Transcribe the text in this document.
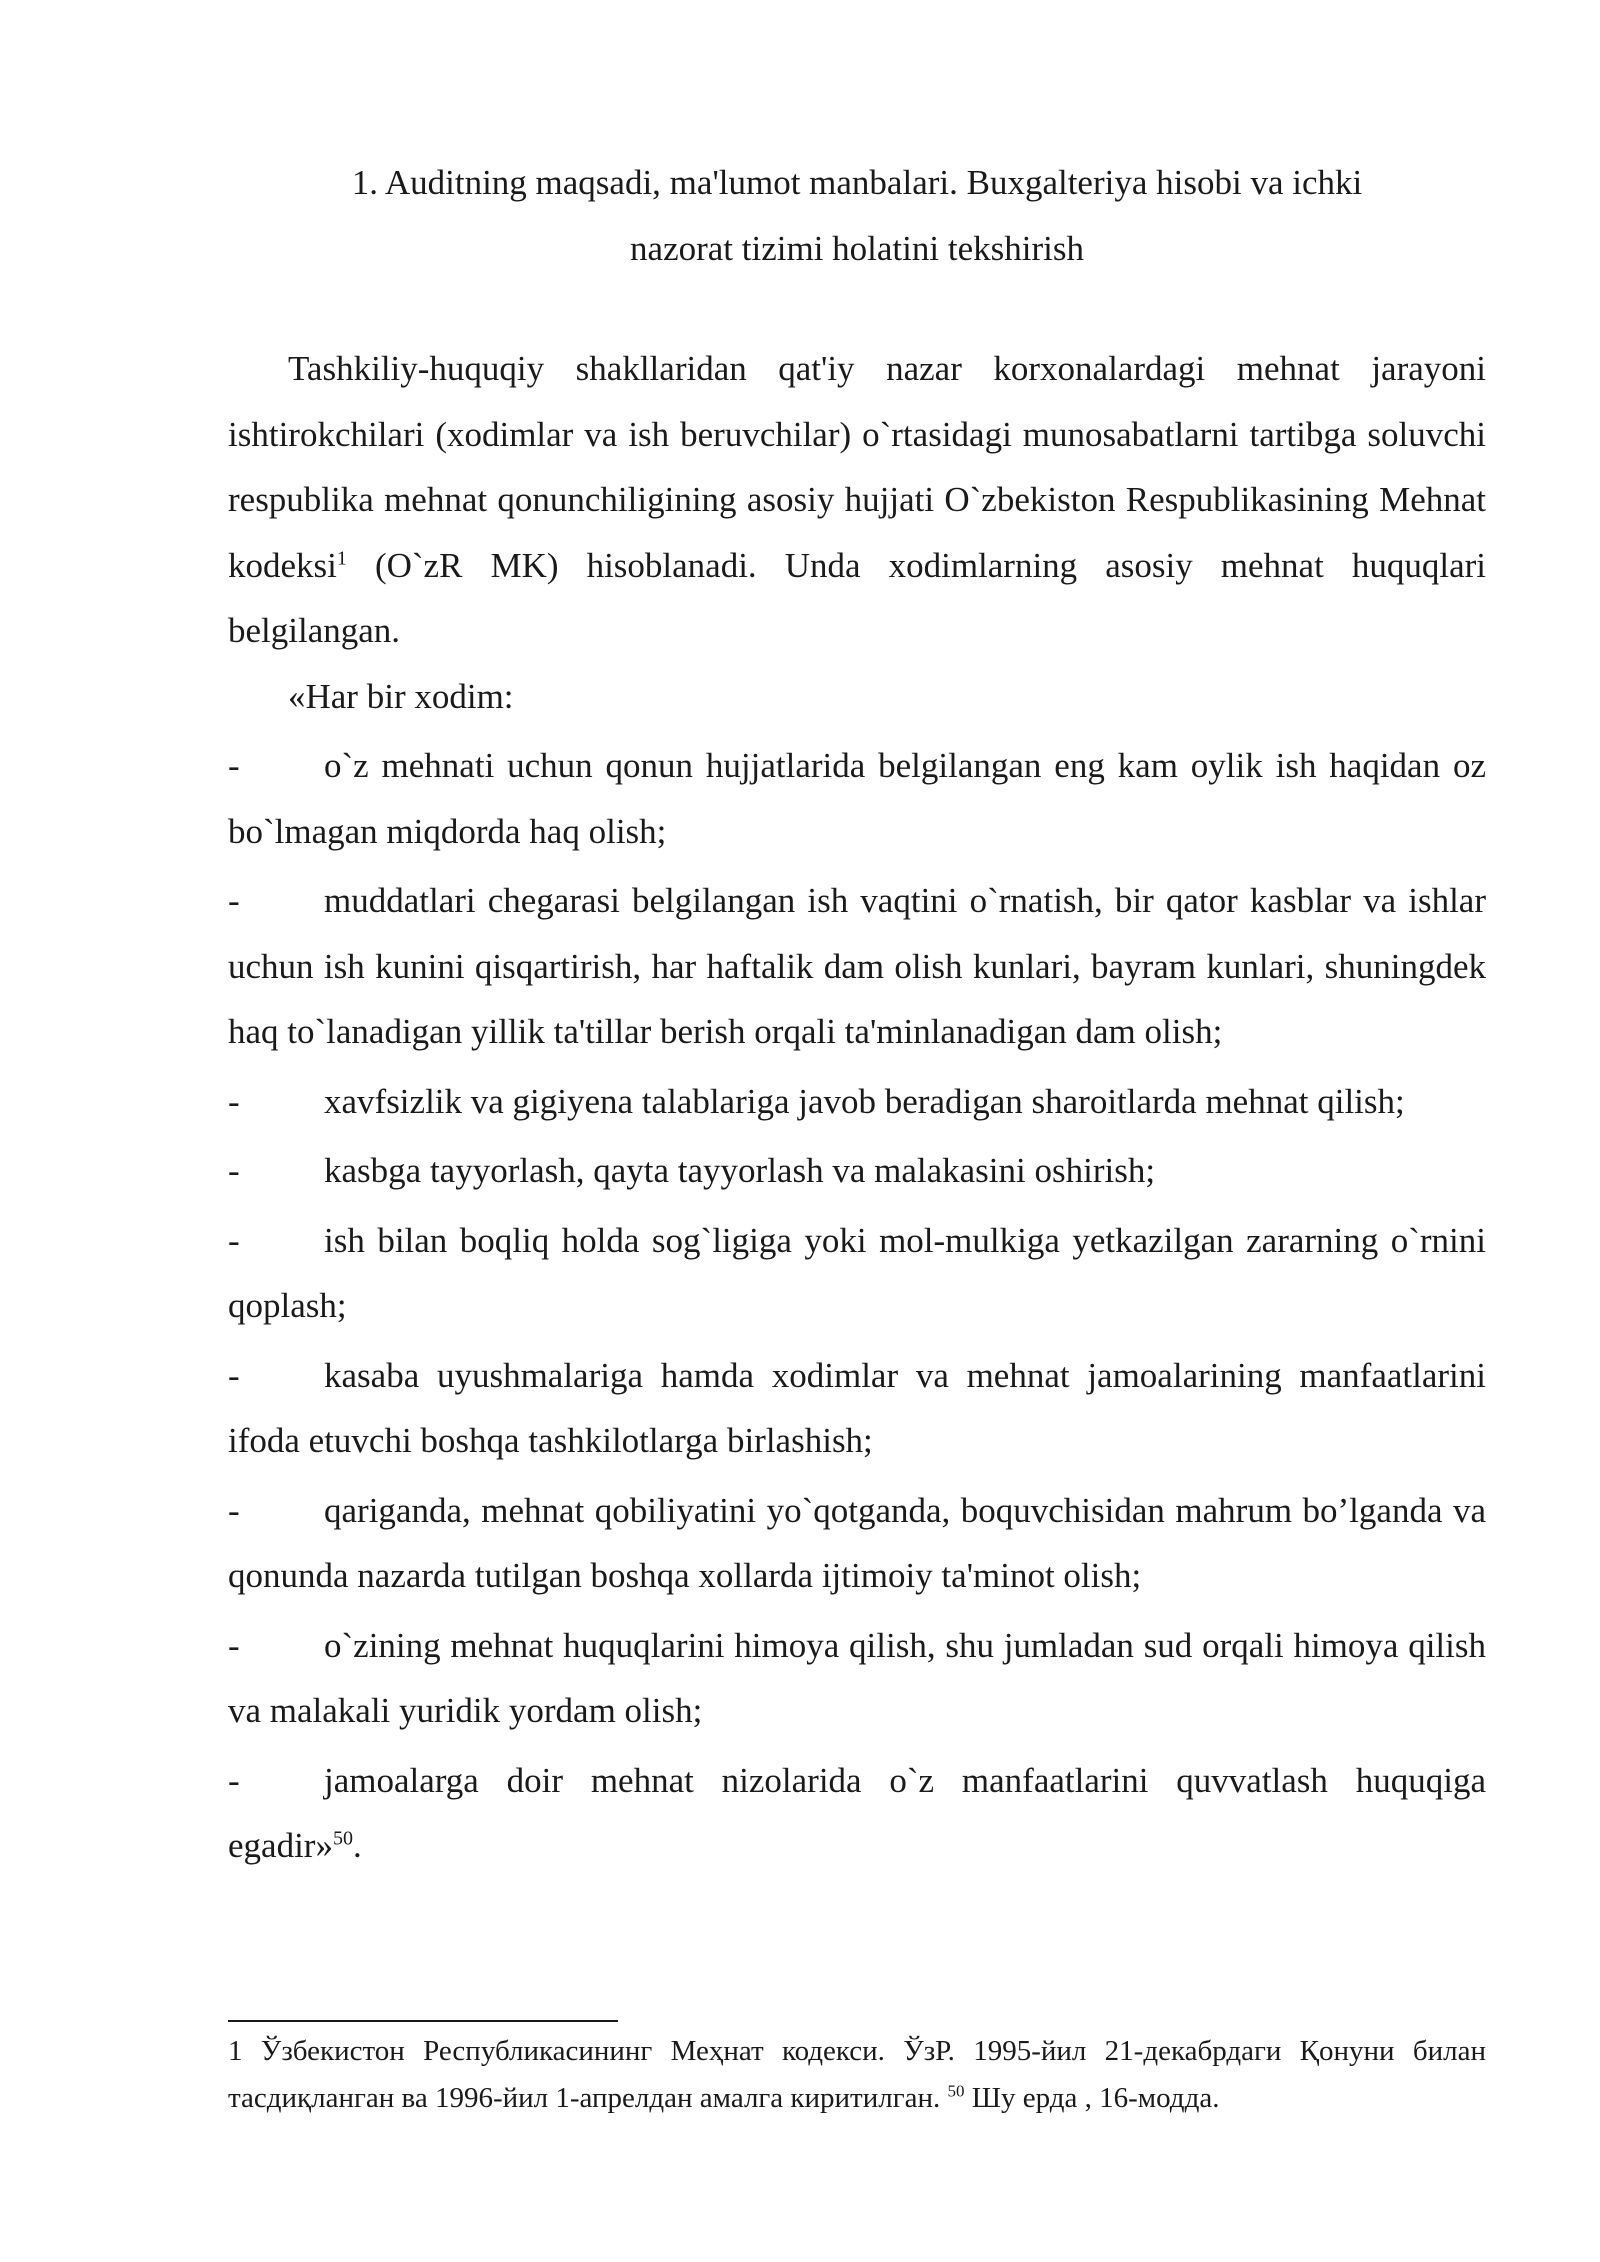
1. Auditning maqsadi, ma'lumot manbalari. Buxgalteriya hisobi va ichki
nazorat tizimi holatini tekshirish

Tashkiliy-huquqiy shakllaridan qat'iy nazar korxonalardagi mehnat jarayoni ishtirokchilari (xodimlar va ish beruvchilar) o`rtasidagi munosabatlarni tartibga soluvchi respublika mehnat qonunchiligining asosiy hujjati O`zbekiston Respublikasining Mehnat kodeksi$^1$ (O`zR MK) hisoblanadi. Unda xodimlarning asosiy mehnat huquqlari belgilangan.

«Har bir xodim:

- o`z mehnati uchun qonun hujjatlarida belgilangan eng kam oylik ish haqidan oz bo`lmagan miqdorda haq olish;

- muddatlari chegarasi belgilangan ish vaqtini o`rnatish, bir qator kasblar va ishlar uchun ish kunini qisqartirish, har haftalik dam olish kunlari, bayram kunlari, shuningdek haq to`lanadigan yillik ta'tillar berish orqali ta'minlanadigan dam olish;

- xavfsizlik va gigiyena talablariga javob beradigan sharoitlarda mehnat qilish;

- kasbga tayyorlash, qayta tayyorlash va malakasini oshirish;

- ish bilan boqliq holda sog`ligiga yoki mol-mulkiga yetkazilgan zararning o`rnini qoplash;

- kasaba uyushmalariga hamda xodimlar va mehnat jamoalarining manfaatlarini ifoda etuvchi boshqa tashkilotlarga birlashish;

- qariganda, mehnat qobiliyatini yo`qotganda, boquvchisidan mahrum bo’lganda va qonunda nazarda tutilgan boshqa xollarda ijtimoiy ta'minot olish;

- o`zining mehnat huquqlarini himoya qilish, shu jumladan sud orqali himoya qilish va malakali yuridik yordam olish;

- jamoalarga doir mehnat nizolarida o`z manfaatlarini quvvatlash huquqiga egadir»$^{50}$.

1 Ўзбекистон Республикасининг Меҳнат кодекси. ЎзР. 1995-йил 21-декабрдаги Қонуни билан тасдиқланган ва 1996-йил 1-апрелдан амалга киритилган. $^{50}$ Шу ерда , 16-модда.
